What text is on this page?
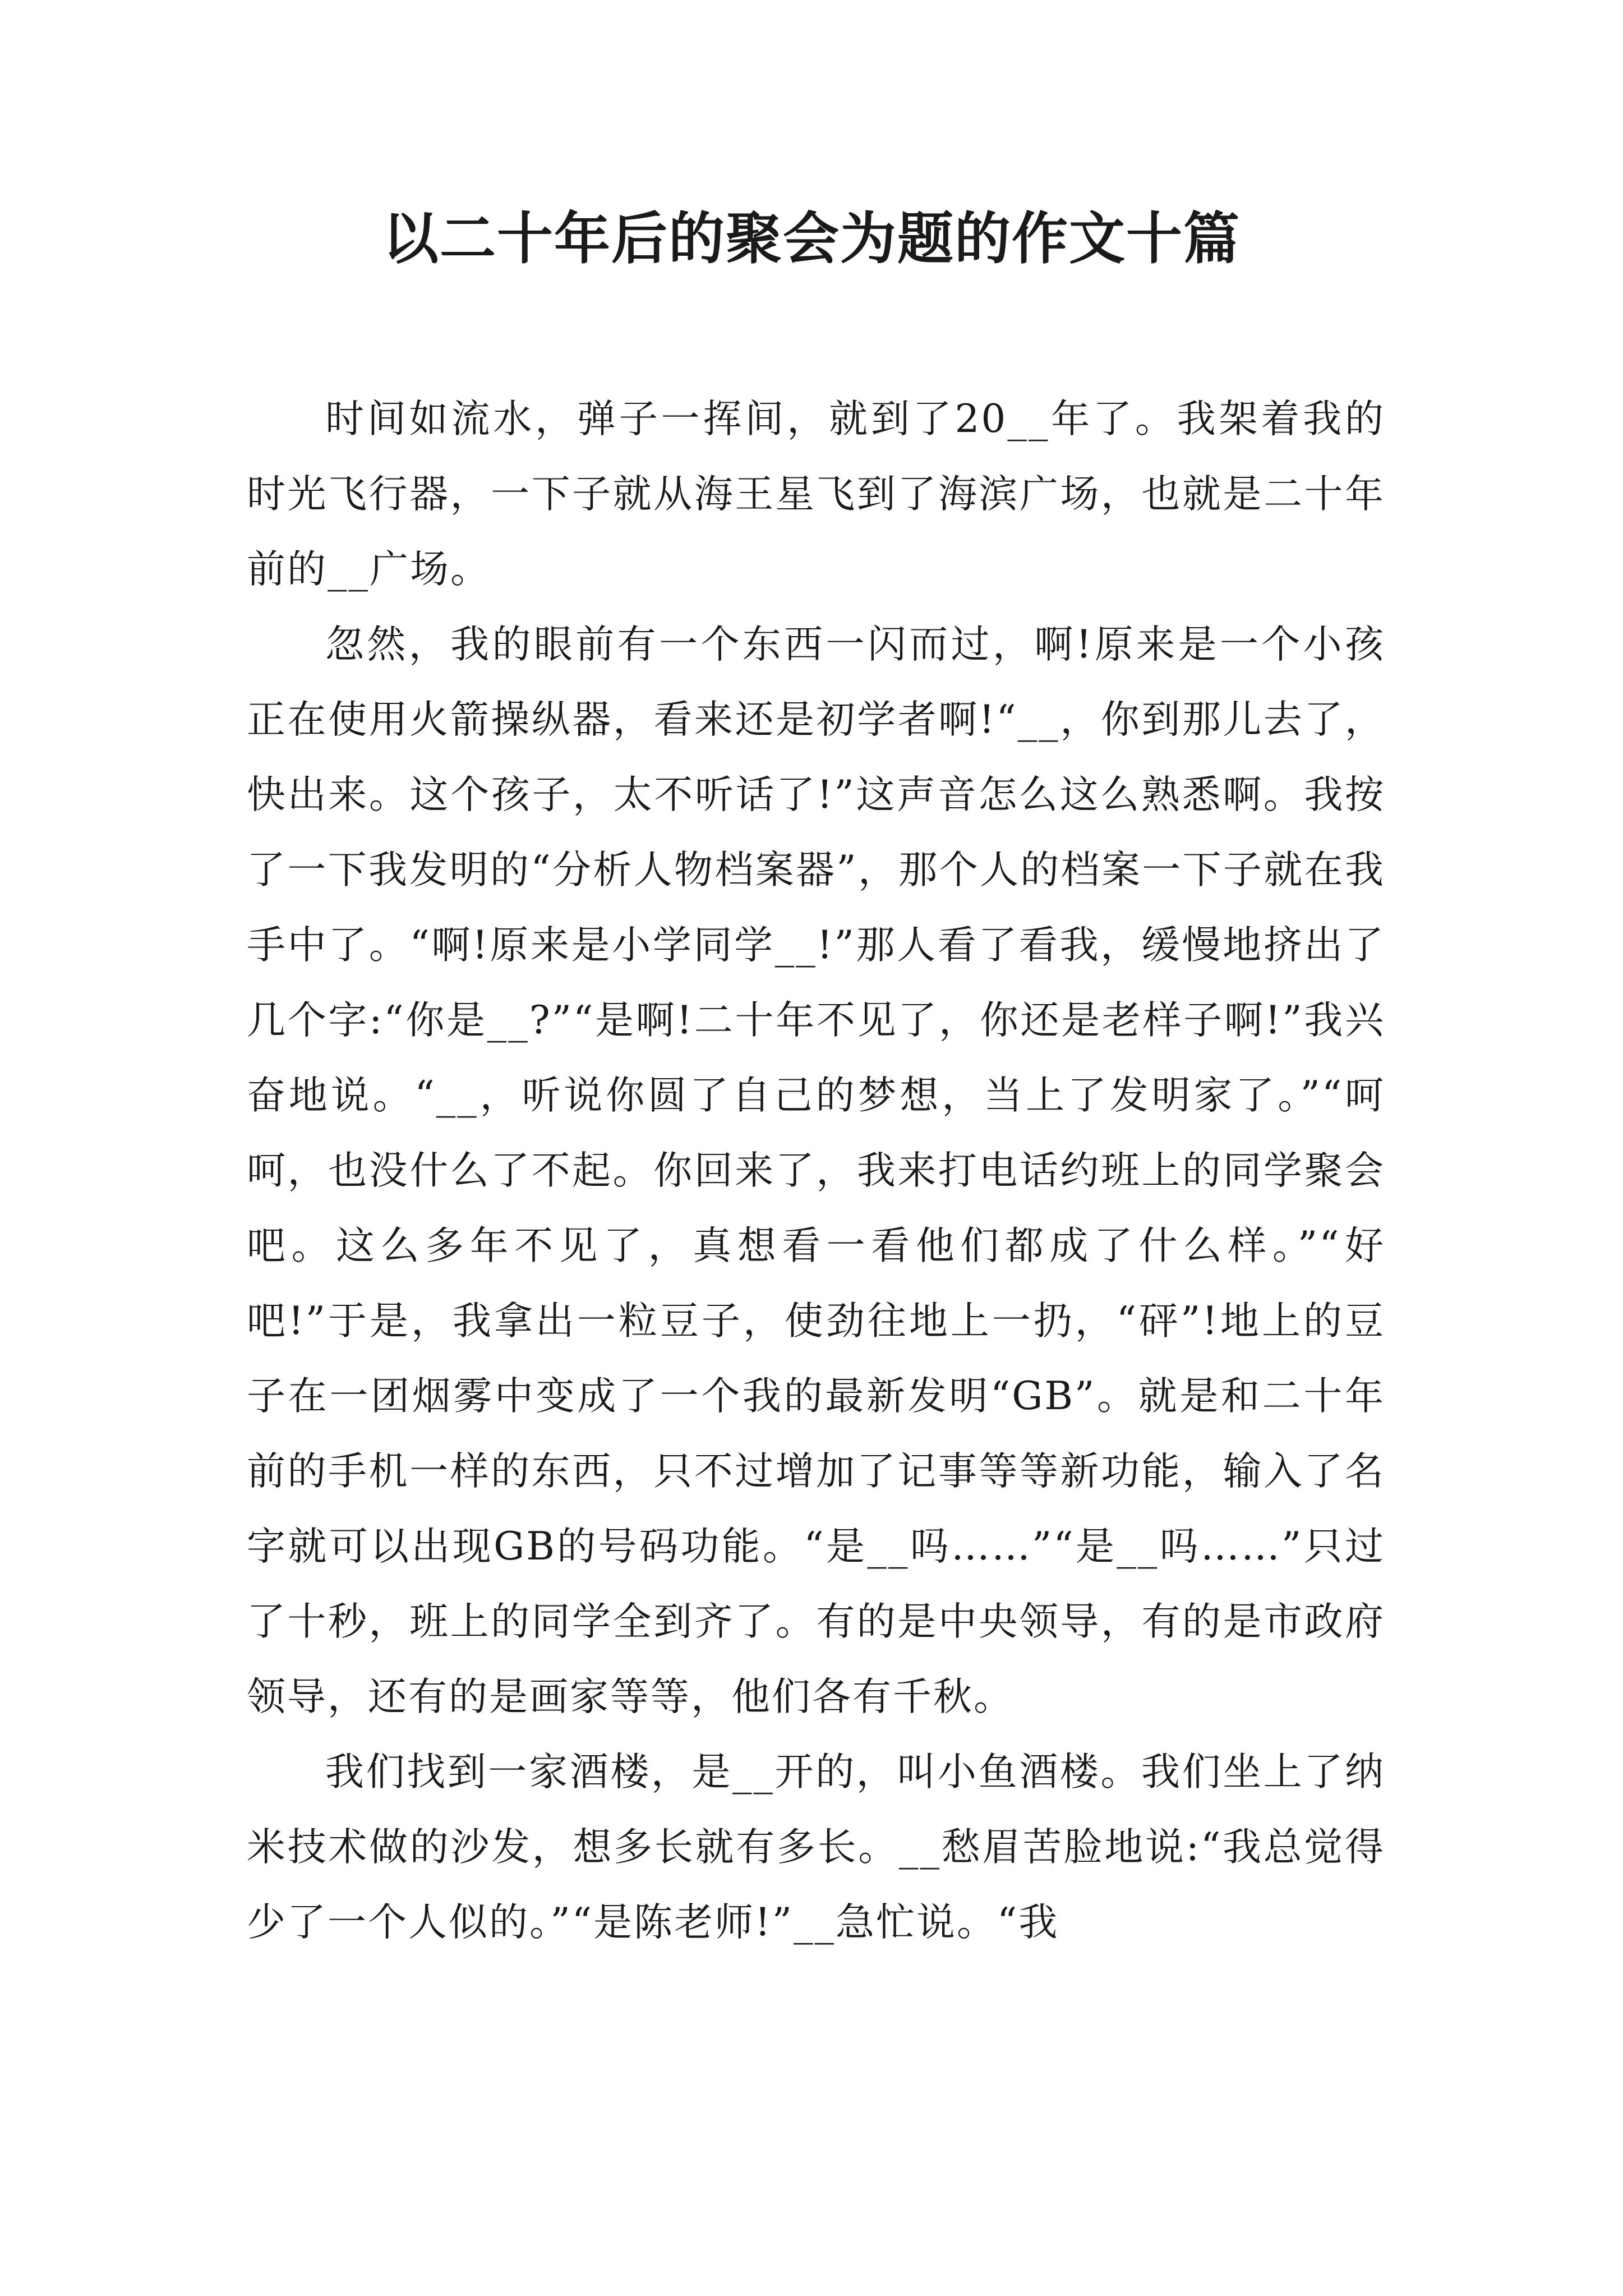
以二十年后的聚会为题的作文十篇

时间如流水，弹子一挥间，就到了20__年了。我架着我的时光飞行器，一下子就从海王星飞到了海滨广场，也就是二十年前的__广场。

忽然，我的眼前有一个东西一闪而过，啊!原来是一个小孩正在使用火箭操纵器，看来还是初学者啊!“__，你到那儿去了，快出来。这个孩子，太不听话了!”这声音怎么这么熟悉啊。我按了一下我发明的“分析人物档案器”，那个人的档案一下子就在我手中了。“啊!原来是小学同学__!”那人看了看我，缓慢地挤出了几个字:“你是__?”“是啊!二十年不见了，你还是老样子啊!”我兴奋地说。“__，听说你圆了自己的梦想，当上了发明家了。”“呵呵，也没什么了不起。你回来了，我来打电话约班上的同学聚会吧。这么多年不见了，真想看一看他们都成了什么样。”“好吧!”于是，我拿出一粒豆子，使劲往地上一扔，“砰”!地上的豆子在一团烟雾中变成了一个我的最新发明“GB”。就是和二十年前的手机一样的东西，只不过增加了记事等等新功能，输入了名字就可以出现GB的号码功能。“是__吗……”“是__吗……”只过了十秒，班上的同学全到齐了。有的是中央领导，有的是市政府领导，还有的是画家等等，他们各有千秋。

我们找到一家酒楼，是__开的，叫小鱼酒楼。我们坐上了纳米技术做的沙发，想多长就有多长。__愁眉苦脸地说:“我总觉得少了一个人似的。”“是陈老师!”__急忙说。“我
